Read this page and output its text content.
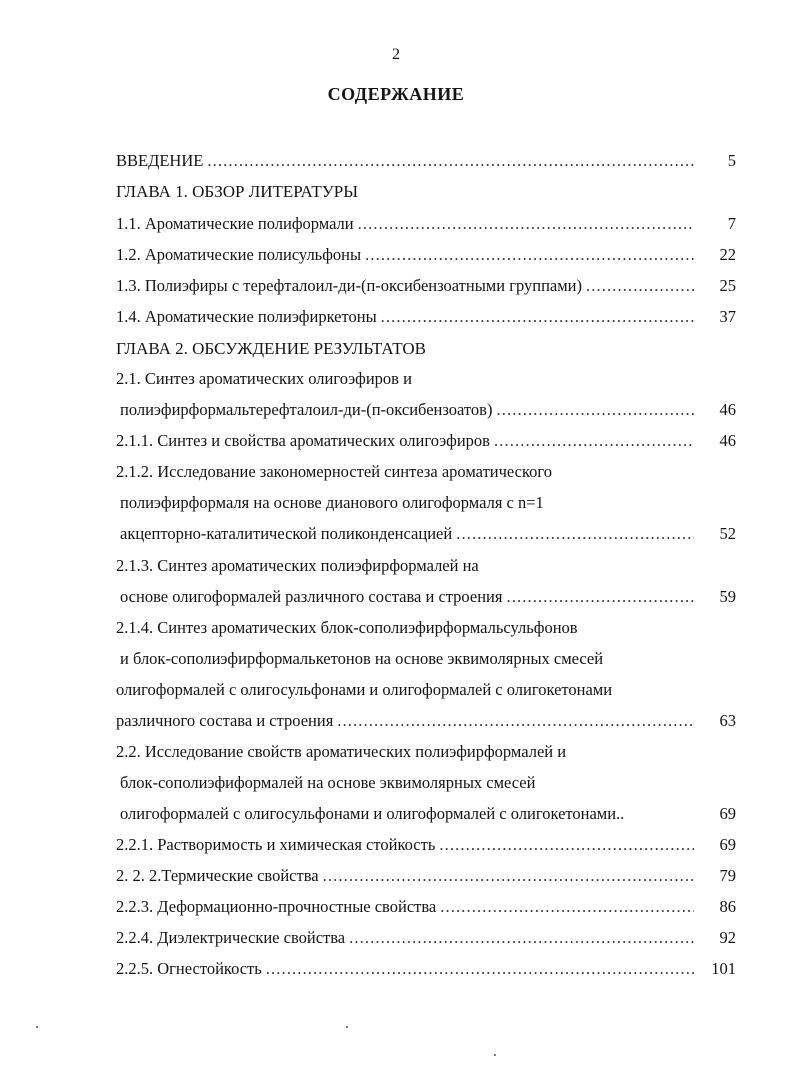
2
СОДЕРЖАНИЕ
ВВЕДЕНИЕ . . .	5
ГЛАВА 1. ОБЗОР ЛИТЕРАТУРЫ
1.1. Ароматические полиформали . . .	7
1.2. Ароматические полисульфоны . . .	22
1.3. Полиэфиры с терефталоил-ди-(п-оксибензоатными группами) . . .	25
1.4. Ароматические полиэфиркетоны . . .	37
ГЛАВА 2. ОБСУЖДЕНИЕ РЕЗУЛЬТАТОВ
2.1. Синтез ароматических олигоэфиров и
полиэфирформальтерефталоил-ди-(п-оксибензоатов) . . .	46
2.1.1. Синтез и свойства ароматических олигоэфиров . . .	46
2.1.2. Исследование закономерностей синтеза ароматического
полиэфирформаля на основе дианового олигоформаля с n=1
акцепторно-каталитической поликонденсацией . . .	52
2.1.3. Синтез ароматических полиэфирформалей на
основе олигоформалей различного состава и строения . . .	59
2.1.4. Синтез ароматических блок-сополиэфирформальсульфонов
и блок-сополиэфирформалькетонов на основе эквимолярных смесей
олигоформалей с олигосульфонами и олигоформалей с олигокетонами
различного состава и строения . . .	63
2.2. Исследование свойств ароматических полиэфирформалей и
блок-сополиэфиформалей на основе эквимолярных смесей
олигоформалей с олигосульфонами и олигоформалей с олигокетонами..	69
2.2.1. Растворимость и химическая стойкость . . .	69
2. 2. 2.Термические свойства . . .	79
2.2.3. Деформационно-прочностные свойства . . .	86
2.2.4. Диэлектрические свойства . . .	92
2.2.5. Огнестойкость . . .	101
